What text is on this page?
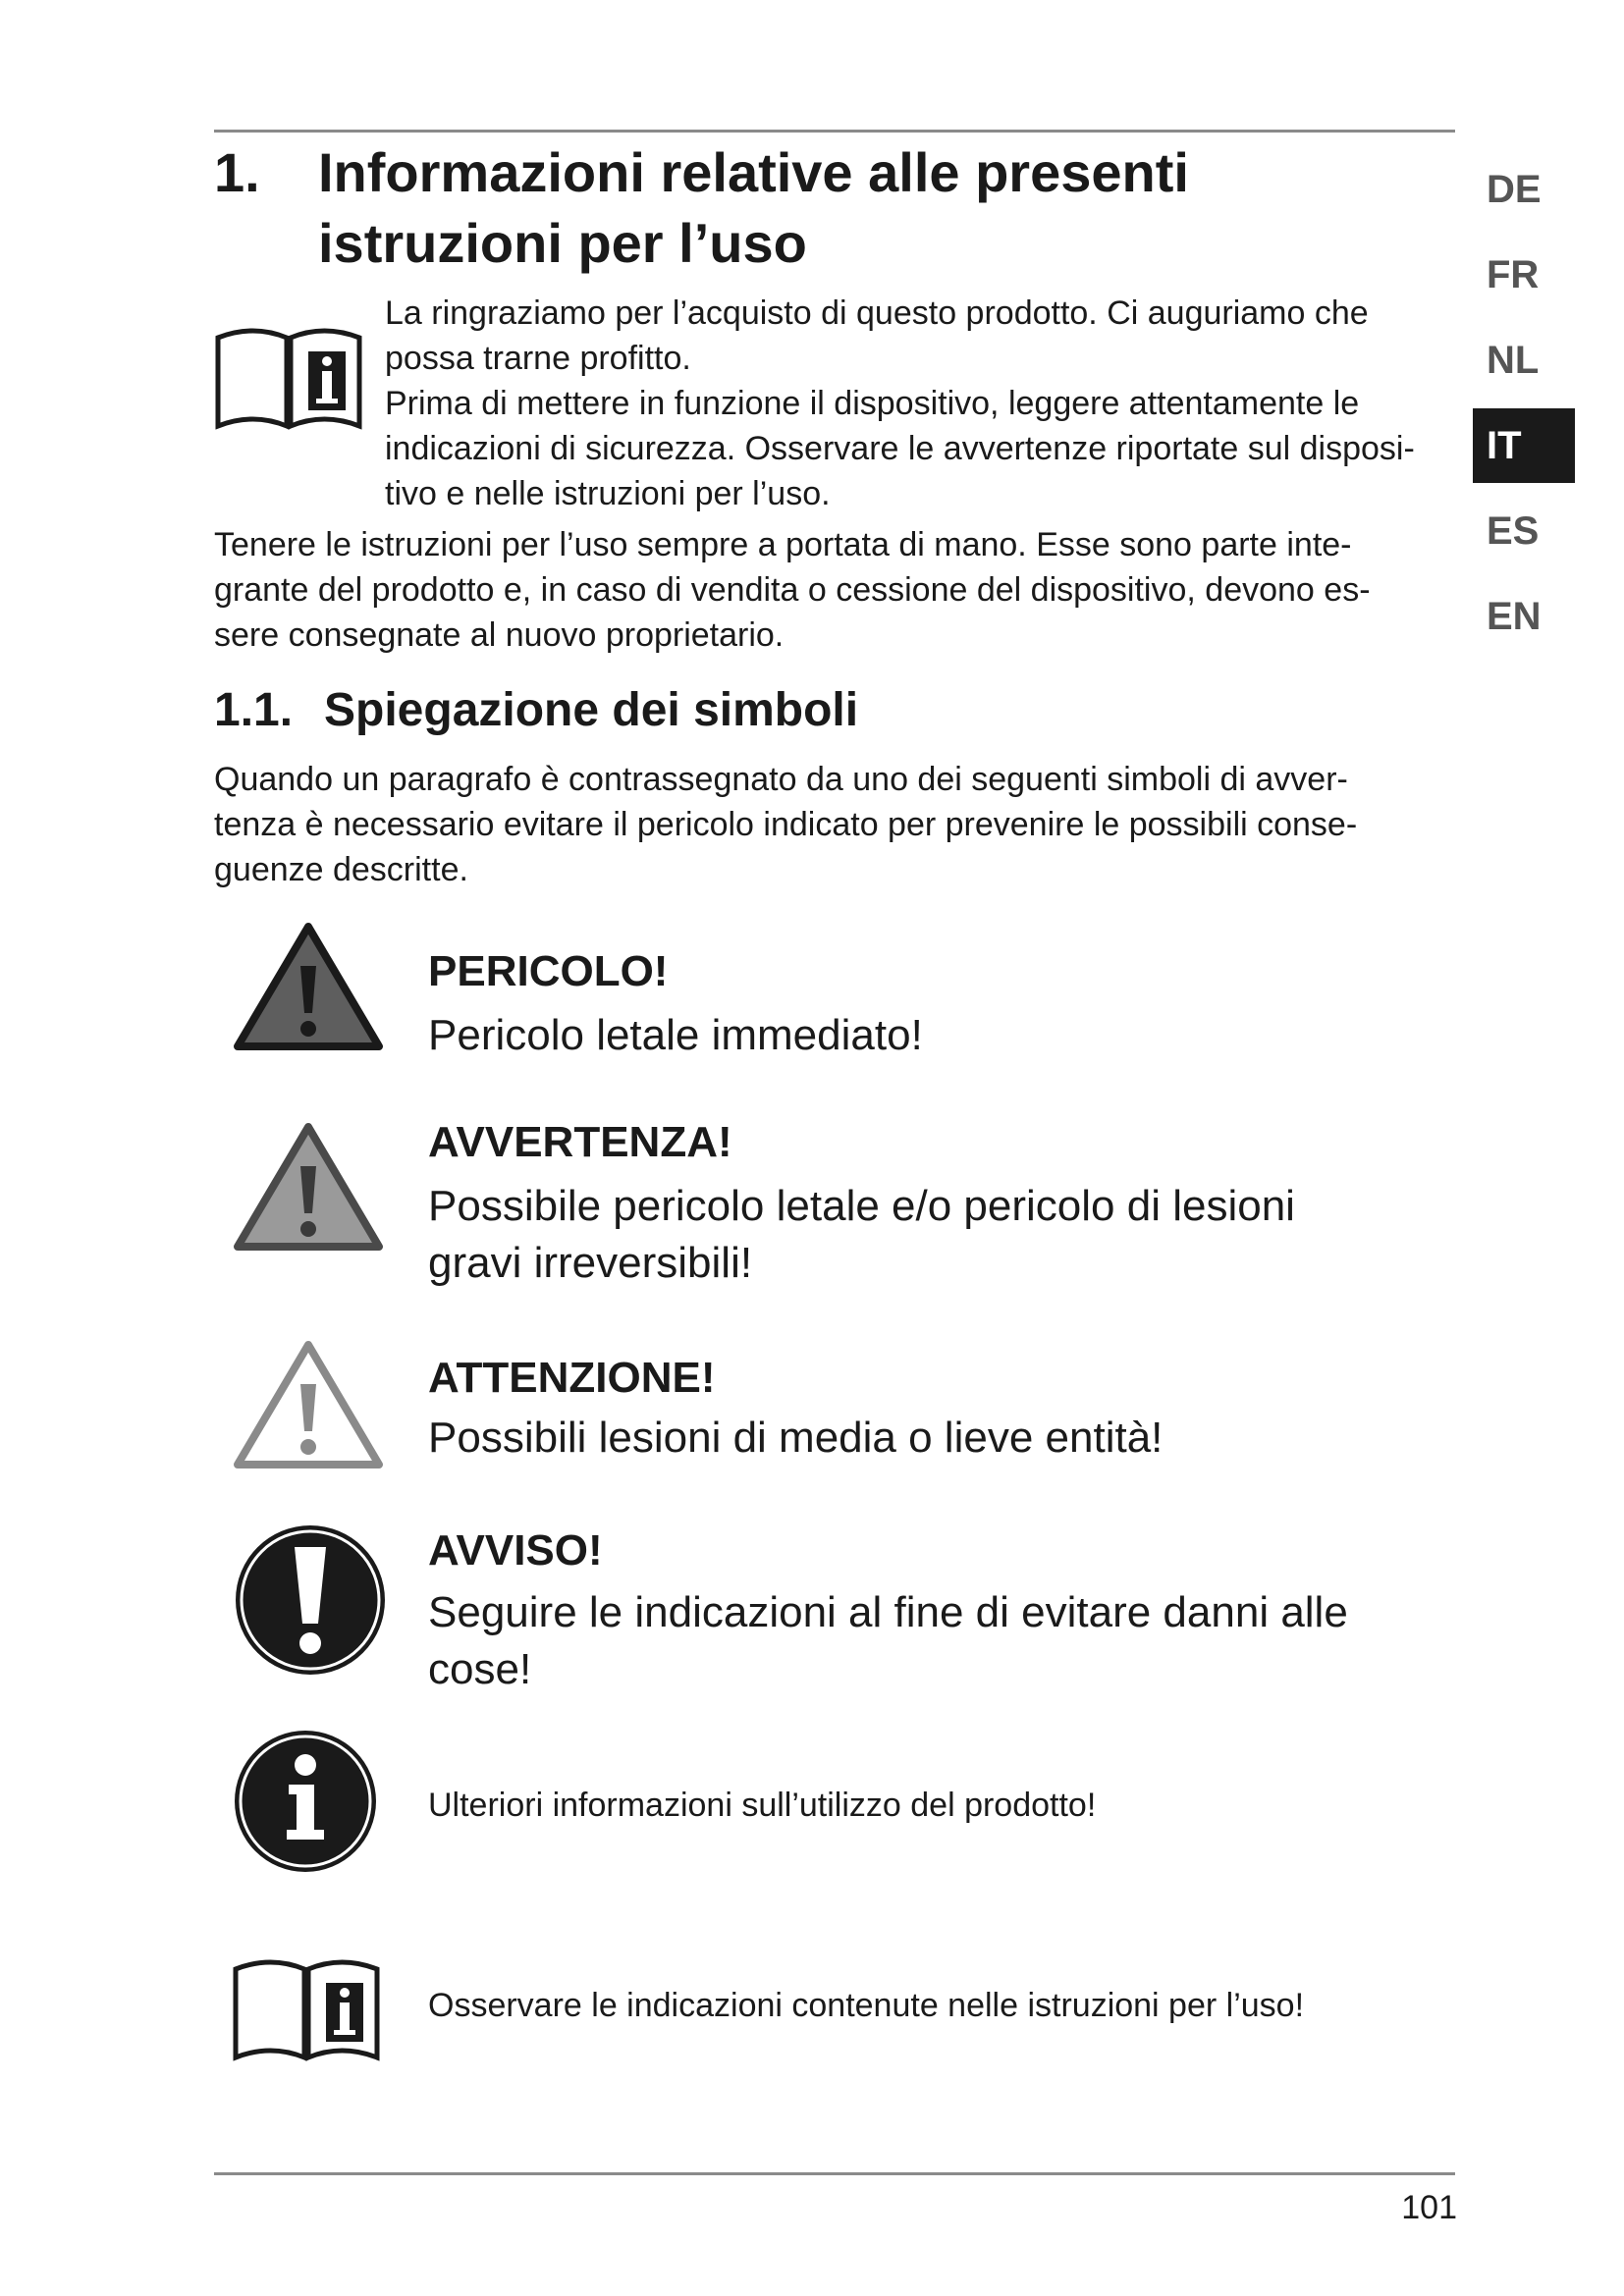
DE
FR
NL
IT
ES
EN
1.	Informazioni relative alle presenti
istruzioni per l’uso

La ringraziamo per l’acquisto di questo prodotto. Ci auguriamo che

possa trarne profitto.

Prima di mettere in funzione il dispositivo, leggere attentamente le

indicazioni di sicurezza. Osservare le avvertenze riportate sul disposi-

tivo e nelle istruzioni per l’uso.

Tenere le istruzioni per l’uso sempre a portata di mano. Esse sono parte inte-

grante del prodotto e, in caso di vendita o cessione del dispositivo, devono es-

sere consegnate al nuovo proprietario.

1.1. Spiegazione dei simboli

Quando un paragrafo è contrassegnato da uno dei seguenti simboli di avver-

tenza è necessario evitare il pericolo indicato per prevenire le possibili conse-

guenze descritte.

PERICOLO!
Pericolo letale immediato!
AVVERTENZA!
Possibile pericolo letale e/o pericolo di lesioni
gravi irreversibili!
ATTENZIONE!
Possibili lesioni di media o lieve entità!
AVVISO!
Seguire le indicazioni al fine di evitare danni alle
cose!
Ulteriori informazioni sull’utilizzo del prodotto!
Osservare le indicazioni contenute nelle istruzioni per l’uso!
101
